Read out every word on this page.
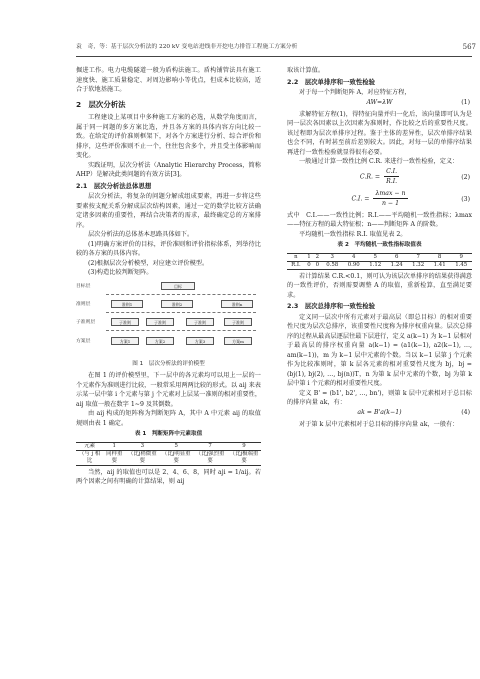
袁　奇，等：基于层次分析法的 220 kV 变电站进线非开挖电力排管工程施工方案分析	567

掘进工作。电力电缆隧道一般为盾构法施工。盾构铺管法具有施工速度快、施工质量稳定、对周边影响小等优点，但成本比较高，适合于软地基施工。

2　层次分析法

工程建设上某项目中多种施工方案的必选，从数学角度而言，属于同一问题的多方案比选，并且各方案的具体内容方向比较一致。在给定的评价准则框架下，对各个方案进行分析、综合评价和排序，这些评价准则不止一个，往往包含多个，并且受主体影响而变化。

实践证明，层次分析法（Analytic Hierarchy Process，简称 AHP）是解决此类问题的有效方法[3]。

2.1　层次分析法总体思想

层次分析法，将复杂的问题分解成组成要素，再进一步将这些要素按支配关系分解成层次结构因素，通过一定的数学比较方法确定诸多因素的重要性，再结合决策者的需求，最终确定总的方案排序。

层次分析法的总体基本思路具体如下。

(1)明确方案评价的目标，评价准则和评价指标体系，列举待比较的各方案的具体内容。

(2)根据层次分析模型，对应建立评价模型。

(3)构造比较判断矩阵。

目标层
准则层
子准则层
方案层
目标
准则1	准则2	准则n
子准则	子准则	子准则	子准则
方案1	方案2	方案3	方案m
图 1　层次分析法的评价模型

在图 1 的评价模型里，下一层中的各元素均可以用上一层的一个元素作为准则进行比较，一般常采用两两比较的形式。以 aij 来表示某一层中第 i 个元素与第 j 个元素对上层某一准则的相对重要性，aij 取值一般在数字 1~9 及其倒数。

由 aij 构成的矩阵称为判断矩阵 A，其中 A 中元素 aij 的取值规则由表 1 确定。

表 1　判断矩阵中元素取值
元素	1	3	5	7	9
（与 j 相比	同样重要	（比j稍微重要	（比j明显重要	（比j强烈重要	（比j极端重要

当然，aij 的取值也可以是 2、4、6、8，同时 aji = 1/aij。若两个因素之间有明确的计算结果，则 aij

取该计算值。

2.2　层次单排序和一致性检验

对于每一个判断矩阵 A，对应特征方程，

AW=λW	(1)

求解特征方程(1)，得特征向量并归一化后，该向量即可认为是同一层次各因素以上次因素为准则时，作比较之后的重要性尺度。该过程即为层次单排序过程。鉴于主体的差异性，层次单排序结果也会不同，有时甚至前后差别较大。因此，对每一层的单排序结果再进行一致性检验就显得很有必要。

一般通过计算一致性比例 C.R. 来进行一致性检验，定义：

C.R. = $\frac{C.I.}{R.I.}$	(2)
C.I. = $\frac{\lambda\max - n}{n - 1}$	(3)

式中　C.I.——一致性比例；R.I.——平均随机一致性指标；λmax——特征方程的最大特征根；n——判断矩阵 A 的阶数。

平均随机一致性指标 R.I. 取值见表 2。

表 2　平均随机一致性指标取值表
n	1	2	3	4	5	6	7	8	9
R.I.	0	0	0.58	0.90	1.12	1.24	1.32	1.41	1.45

若计算结果 C.R.<0.1，则可认为该层次单排序的结果获得满意的一致性评价，否则需要调整 A 的取值，重新检算，直至满足要求。

2.3　层次总排序和一致性检验

定义同一层次中所有元素对于最高层（即总目标）的相对重要性尺度为层次总排序，该重要性尺度称为排序权重向量。层次总排序的过程从最高层逐层往最下层进行，定义 a(k−1) 为 k−1 层相对于最高层的排序权重向量 a(k−1) = (a1(k−1), a2(k−1), …, am(k−1))，m 为 k−1 层中元素的个数。当以 k−1 层第 j 个元素作为比较准则时，第 k 层各元素的相对重要性尺度为 bj，bj = (bj(1), bj(2), …, bj(n))T，n 为第 k 层中元素的个数，bj 为第 k 层中第 i 个元素的相对重要性尺度。

定义 B' = (b1', b2', …, bn')，则第 k 层中元素相对于总目标的排序向量 ak，有：

ak = B'a(k−1)	(4)

对于第 k 层中元素相对于总目标的排序向量 ak，一般有：
